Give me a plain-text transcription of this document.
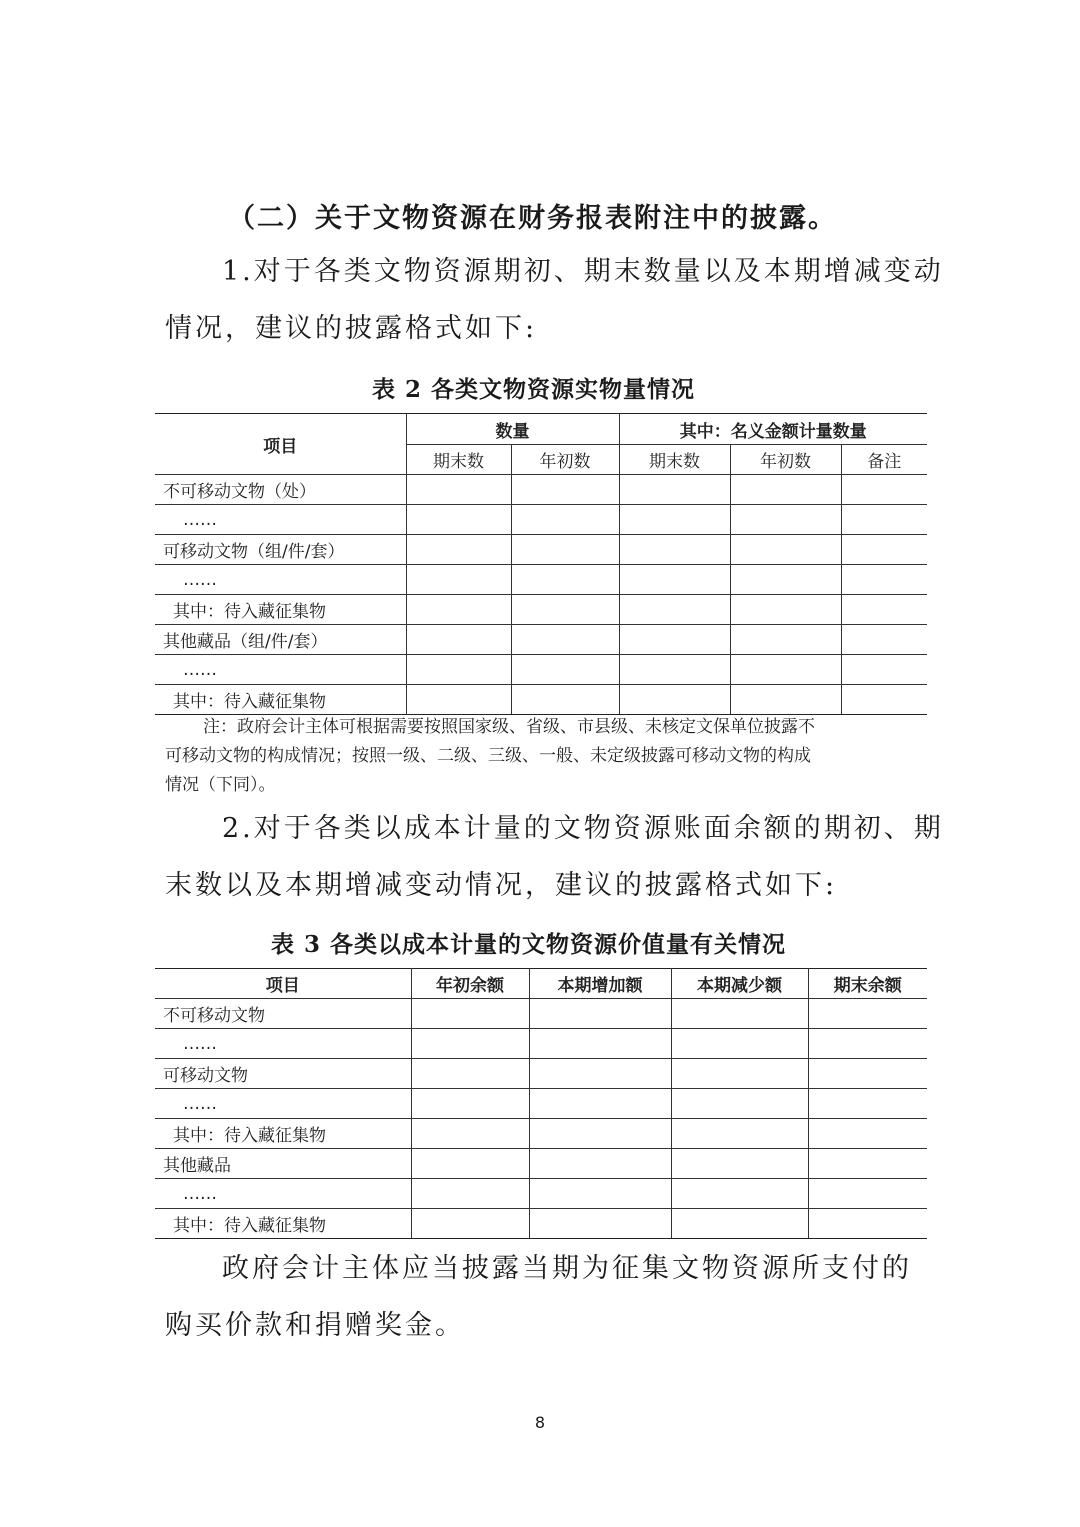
（二）关于文物资源在财务报表附注中的披露。
1.对于各类文物资源期初、期末数量以及本期增减变动
情况，建议的披露格式如下:
表 2 各类文物资源实物量情况
项目	数量		其中：名义金额计量数量		
	期末数	年初数	期末数	年初数	备注
不可移动文物（处）					
……					
可移动文物（组/件/套）					
……					
其中：待入藏征集物					
其他藏品（组/件/套）					
……					
其中：待入藏征集物					
注：政府会计主体可根据需要按照国家级、省级、市县级、未核定文保单位披露不
可移动文物的构成情况；按照一级、二级、三级、一般、未定级披露可移动文物的构成
情况（下同）。
2.对于各类以成本计量的文物资源账面余额的期初、期
末数以及本期增减变动情况，建议的披露格式如下:
表 3 各类以成本计量的文物资源价值量有关情况
项目	年初余额	本期增加额	本期减少额	期末余额
不可移动文物				
……				
可移动文物				
……				
其中：待入藏征集物				
其他藏品				
……				
其中：待入藏征集物				
政府会计主体应当披露当期为征集文物资源所支付的
购买价款和捐赠奖金。
8
